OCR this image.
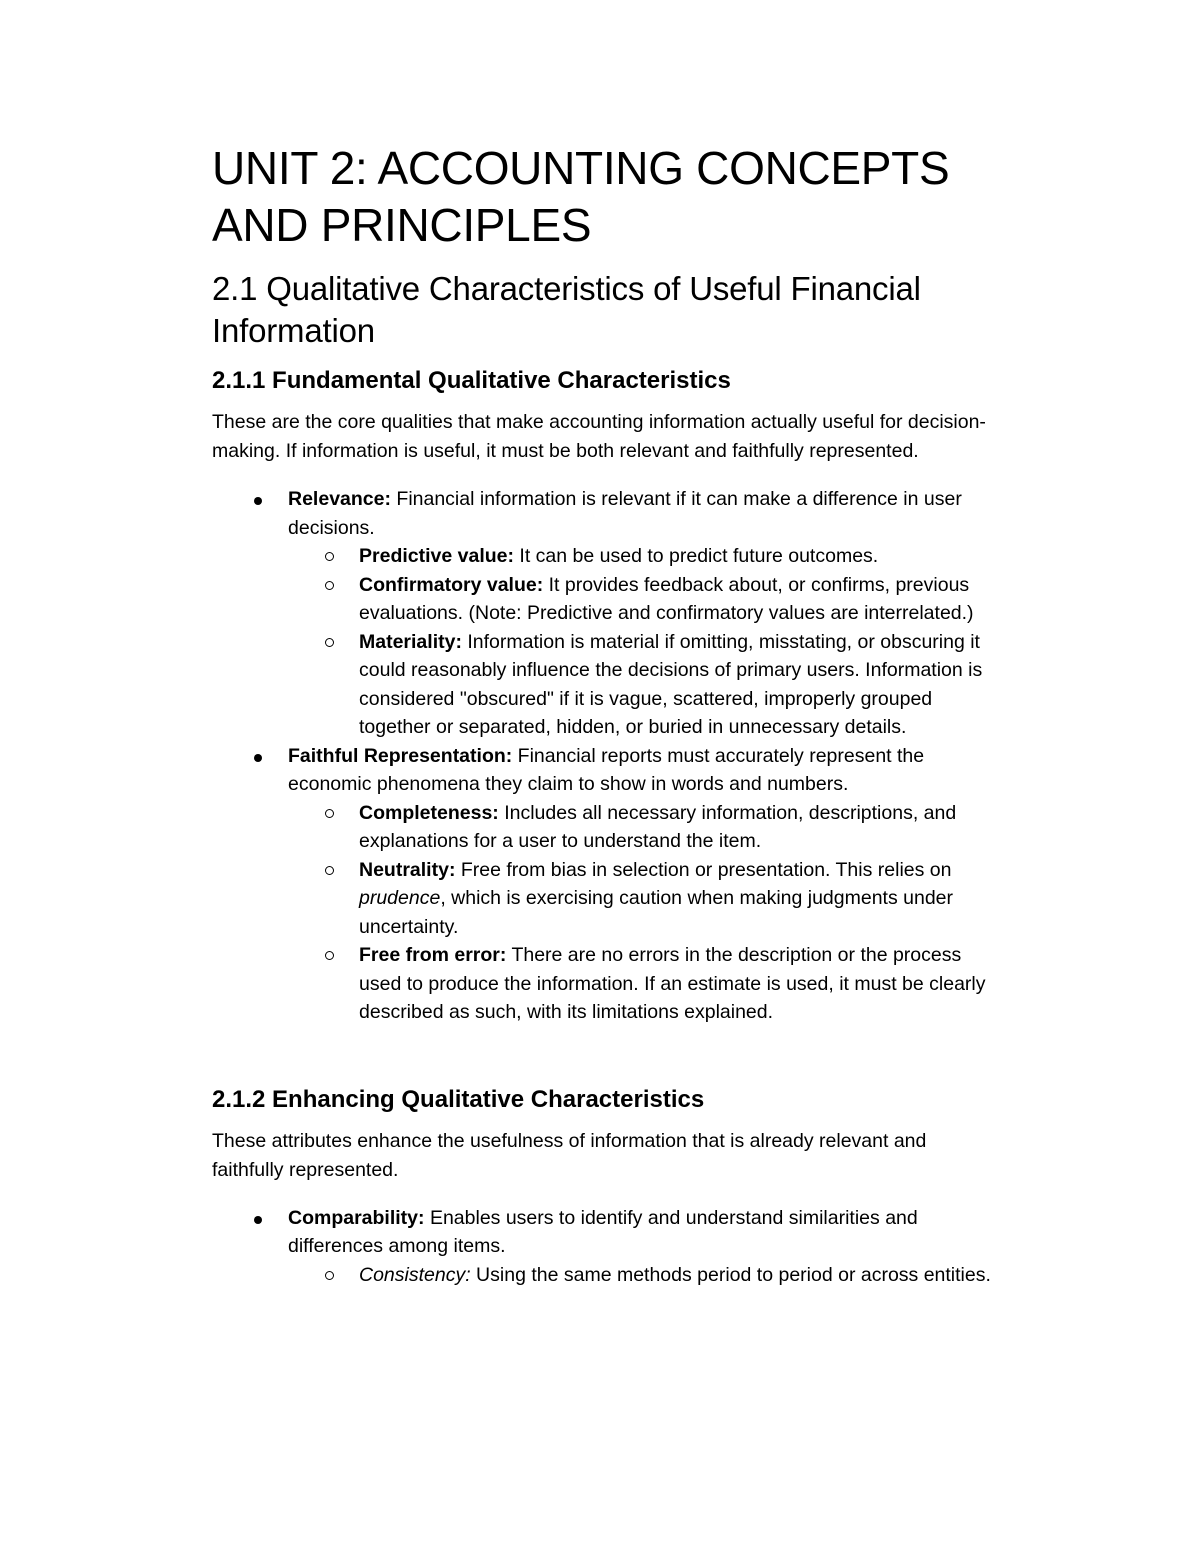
UNIT 2: ACCOUNTING CONCEPTS AND PRINCIPLES
2.1 Qualitative Characteristics of Useful Financial Information
2.1.1 Fundamental Qualitative Characteristics

These are the core qualities that make accounting information actually useful for decision-making. If information is useful, it must be both relevant and faithfully represented.

Relevance: Financial information is relevant if it can make a difference in user decisions.
Predictive value: It can be used to predict future outcomes.
Confirmatory value: It provides feedback about, or confirms, previous evaluations. (Note: Predictive and confirmatory values are interrelated.)
Materiality: Information is material if omitting, misstating, or obscuring it could reasonably influence the decisions of primary users. Information is considered "obscured" if it is vague, scattered, improperly grouped together or separated, hidden, or buried in unnecessary details.
Faithful Representation: Financial reports must accurately represent the economic phenomena they claim to show in words and numbers.
Completeness: Includes all necessary information, descriptions, and explanations for a user to understand the item.
Neutrality: Free from bias in selection or presentation. This relies on prudence, which is exercising caution when making judgments under uncertainty.
Free from error: There are no errors in the description or the process used to produce the information. If an estimate is used, it must be clearly described as such, with its limitations explained.
2.1.2 Enhancing Qualitative Characteristics

These attributes enhance the usefulness of information that is already relevant and faithfully represented.

Comparability: Enables users to identify and understand similarities and differences among items.
Consistency: Using the same methods period to period or across entities.
